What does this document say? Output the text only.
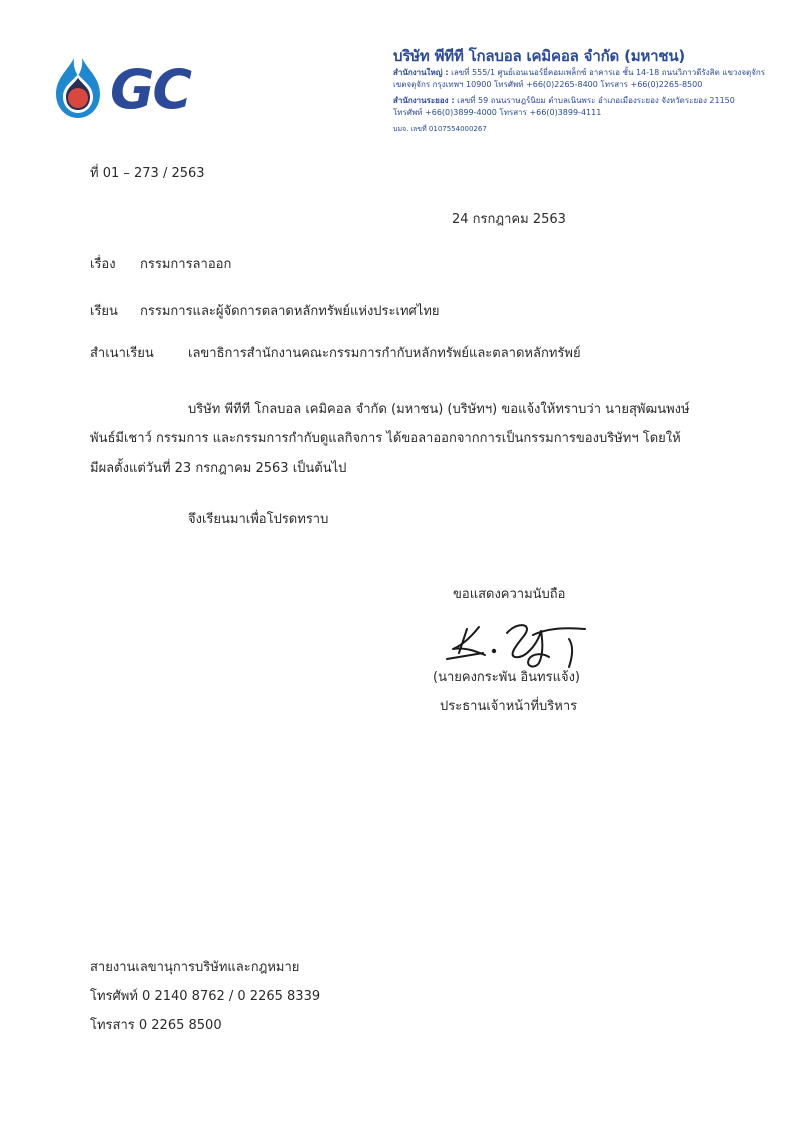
GC
บริษัท พีทีที โกลบอล เคมิคอล จำกัด (มหาชน)
สำนักงานใหญ่ : เลขที่ 555/1 ศูนย์เอนเนอร์ยี่คอมเพล็กซ์ อาคารเอ ชั้น 14-18 ถนนวิภาวดีรังสิต แขวงจตุจักร
เขตจตุจักร กรุงเทพฯ 10900 โทรศัพท์ +66(0)2265-8400 โทรสาร +66(0)2265-8500
สำนักงานระยอง : เลขที่ 59 ถนนราษฎร์นิยม ตำบลเนินพระ อำเภอเมืองระยอง จังหวัดระยอง 21150
โทรศัพท์ +66(0)3899-4000 โทรสาร +66(0)3899-4111
บมจ. เลขที่ 0107554000267
ที่ 01 – 273 / 2563
24 กรกฎาคม 2563
เรื่อง กรรมการลาออก
เรียน กรรมการและผู้จัดการตลาดหลักทรัพย์แห่งประเทศไทย
สำเนาเรียน	เลขาธิการสำนักงานคณะกรรมการกำกับหลักทรัพย์และตลาดหลักทรัพย์
บริษัท พีทีที โกลบอล เคมิคอล จำกัด (มหาชน) (บริษัทฯ) ขอแจ้งให้ทราบว่า นายสุพัฒนพงษ์
พันธ์มีเชาว์ กรรมการ และกรรมการกำกับดูแลกิจการ ได้ขอลาออกจากการเป็นกรรมการของบริษัทฯ โดยให้
มีผลตั้งแต่วันที่ 23 กรกฎาคม 2563 เป็นต้นไป
จึงเรียนมาเพื่อโปรดทราบ
ขอแสดงความนับถือ
(นายคงกระพัน อินทรแจ้ง)
ประธานเจ้าหน้าที่บริหาร
สายงานเลขานุการบริษัทและกฎหมาย
โทรศัพท์ 0 2140 8762 / 0 2265 8339
โทรสาร 0 2265 8500
